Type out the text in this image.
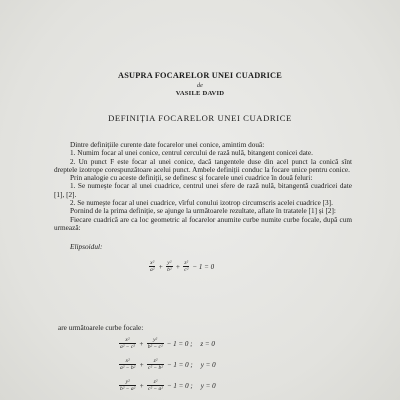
ASUPRA FOCARELOR UNEI CUADRICE
de
VASILE DAVID
DEFINIȚIA FOCARELOR UNEI CUADRICE

Dintre definițiile curente date focarelor unei conice, amintim două:

1. Numim focar al unei conice, centrul cercului de rază nulă, bitangent conicei date.

2. Un punct F este focar al unei conice, dacă tangentele duse din acel punct la conică sînt dreptele izotrope corespunzătoare acelui punct. Ambele definiții conduc la focare unice pentru conice.

Prin analogie cu aceste definiții, se definesc și focarele unei cuadrice în două feluri:

1. Se numește focar al unei cuadrice, centrul unei sfere de rază nulă, bitangentă cuadricei date [1], [2].

2. Se numește focar al unei cuadrice, vîrful conului izotrop circumscris acelei cuadrice [3].

Pornind de la prima definiție, se ajunge la următoarele rezultate, aflate în tratatele [1] și [2]:

Fiecare cuadrică are ca loc geometric al focarelor anumite curbe numite curbe focale, după cum urmează:

Elipsoidul:
$\frac{\text{x²}}{\text{a²}} + \frac{\text{y²}}{\text{b²}} + \frac{\text{z²}}{\text{c²}} - 1 = 0$
are următoarele curbe focale:
$\frac{\text{x²}}{\text{a² − c²}} + \frac{\text{y²}}{\text{b² − c²}} - 1 = 0$ ; z = 0
$\frac{\text{x²}}{\text{a² − b²}} + \frac{\text{z²}}{\text{c² − b²}} - 1 = 0$ ; y = 0
$\frac{\text{y²}}{\text{b² − a²}} + \frac{\text{z²}}{\text{c² − a²}} - 1 = 0$ ; y = 0
